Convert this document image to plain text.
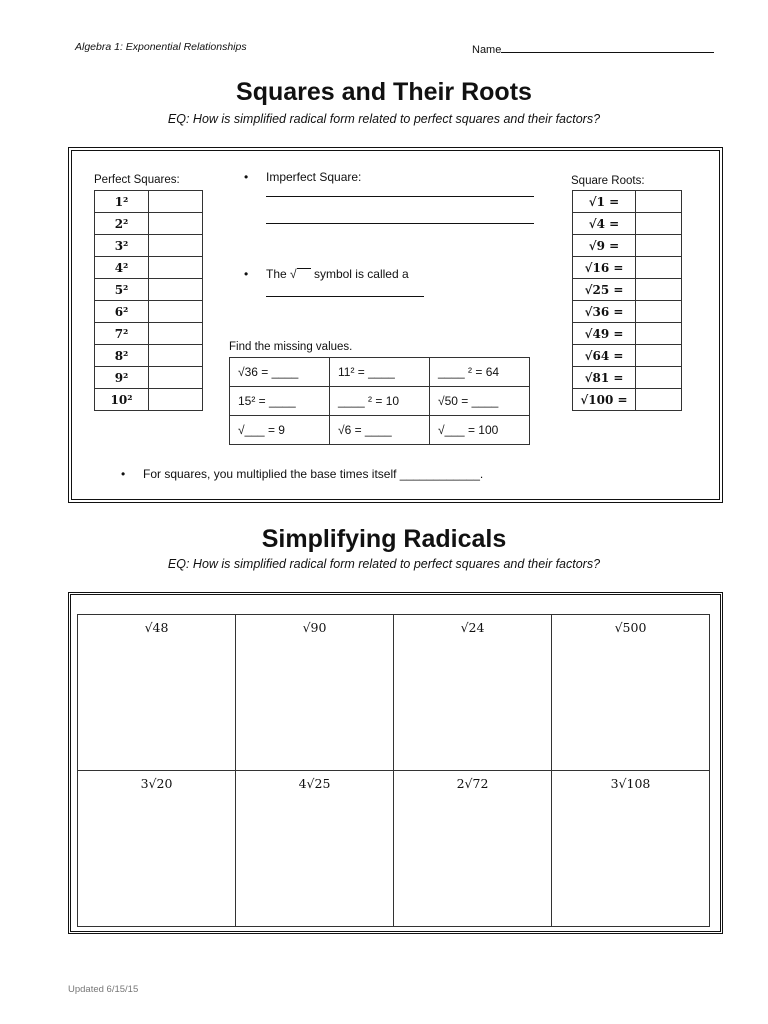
Algebra 1: Exponential Relationships	Name
Squares and Their Roots
EQ: How is simplified radical form related to perfect squares and their factors?
Perfect Squares:
1²	
2²	
3²	
4²	
5²	
6²	
7²	
8²	
9²	
10²	
• Imperfect Square:
• The √ symbol is called a
Find the missing values.
√36 = ____	11² = ____	____ ² = 64
15² = ____	____ ² = 10	√50 = ____
√___ = 9	√6 = ____	√___ = 100
Square Roots:
√1 =	
√4 =	
√9 =	
√16 =	
√25 =	
√36 =	
√49 =	
√64 =	
√81 =	
√100 =	
• For squares, you multiplied the base times itself ____________.
Simplifying Radicals
EQ: How is simplified radical form related to perfect squares and their factors?
√48	√90	√24	√500
3√20	4√25	2√72	3√108
Updated 6/15/15
